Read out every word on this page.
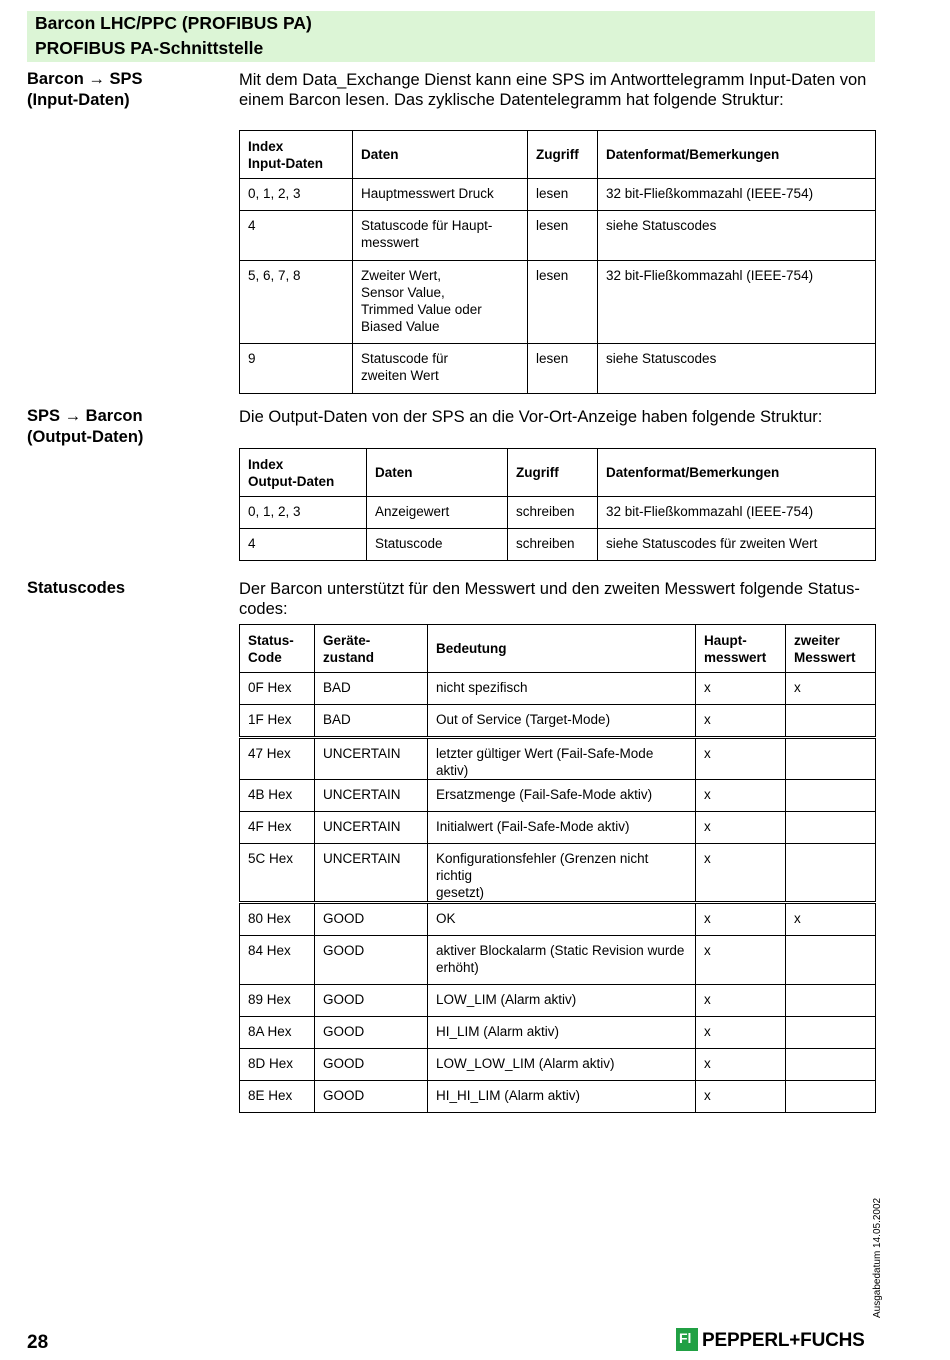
Barcon LHC/PPC (PROFIBUS PA)
PROFIBUS PA-Schnittstelle
Barcon → SPS
(Input-Daten)
Mit dem Data_Exchange Dienst kann eine SPS im Antworttelegramm Input-Daten von einem Barcon lesen. Das zyklische Datentelegramm hat folgende Struktur:
Index
Input-Daten	Daten	Zugriff	Datenformat/Bemerkungen
0, 1, 2, 3	Hauptmesswert Druck	lesen	32 bit-Fließkommazahl (IEEE-754)
4	Statuscode für Haupt-
messwert	lesen	siehe Statuscodes
5, 6, 7, 8	Zweiter Wert,
Sensor Value,
Trimmed Value oder
Biased Value	lesen	32 bit-Fließkommazahl (IEEE-754)
9	Statuscode für
zweiten Wert	lesen	siehe Statuscodes
SPS → Barcon
(Output-Daten)
Die Output-Daten von der SPS an die Vor-Ort-Anzeige haben folgende Struktur:
Index
Output-Daten	Daten	Zugriff	Datenformat/Bemerkungen
0, 1, 2, 3	Anzeigewert	schreiben	32 bit-Fließkommazahl (IEEE-754)
4	Statuscode	schreiben	siehe Statuscodes für zweiten Wert
Statuscodes	Der Barcon unterstützt für den Messwert und den zweiten Messwert folgende Status-
codes:
Status-
Code	Geräte-
zustand	Bedeutung	Haupt-
messwert	zweiter
Messwert
0F Hex	BAD	nicht spezifisch	x	x
1F Hex	BAD	Out of Service (Target-Mode)	x	
47 Hex	UNCERTAIN	letzter gültiger Wert (Fail-Safe-Mode aktiv)	x	
4B Hex	UNCERTAIN	Ersatzmenge (Fail-Safe-Mode aktiv)	x	
4F Hex	UNCERTAIN	Initialwert (Fail-Safe-Mode aktiv)	x	
5C Hex	UNCERTAIN	Konfigurationsfehler (Grenzen nicht richtig
gesetzt)	x	
80 Hex	GOOD	OK	x	x
84 Hex	GOOD	aktiver Blockalarm (Static Revision wurde
erhöht)	x	
89 Hex	GOOD	LOW_LIM (Alarm aktiv)	x	
8A Hex	GOOD	HI_LIM (Alarm aktiv)	x	
8D Hex	GOOD	LOW_LOW_LIM (Alarm aktiv)	x	
8E Hex	GOOD	HI_HI_LIM (Alarm aktiv)	x	
Ausgabedatum 14.05.2002
28	Fl PEPPERL+FUCHS
